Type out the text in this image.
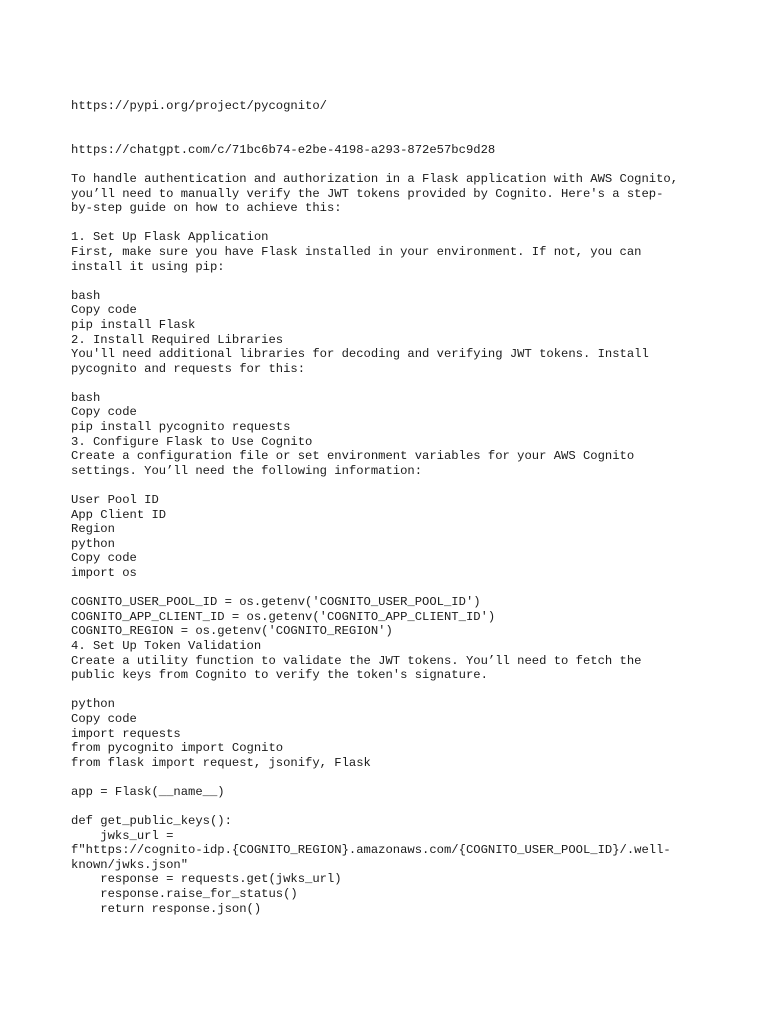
https://pypi.org/project/pycognito/
https://chatgpt.com/c/71bc6b74-e2be-4198-a293-872e57bc9d28
To handle authentication and authorization in a Flask application with AWS Cognito,
you’ll need to manually verify the JWT tokens provided by Cognito. Here's a step-
by-step guide on how to achieve this:
1. Set Up Flask Application
First, make sure you have Flask installed in your environment. If not, you can
install it using pip:
bash
Copy code
pip install Flask
2. Install Required Libraries
You'll need additional libraries for decoding and verifying JWT tokens. Install
pycognito and requests for this:
bash
Copy code
pip install pycognito requests
3. Configure Flask to Use Cognito
Create a configuration file or set environment variables for your AWS Cognito
settings. You’ll need the following information:
User Pool ID
App Client ID
Region
python
Copy code
import os
COGNITO_USER_POOL_ID = os.getenv('COGNITO_USER_POOL_ID')
COGNITO_APP_CLIENT_ID = os.getenv('COGNITO_APP_CLIENT_ID')
COGNITO_REGION = os.getenv('COGNITO_REGION')
4. Set Up Token Validation
Create a utility function to validate the JWT tokens. You’ll need to fetch the
public keys from Cognito to verify the token's signature.
python
Copy code
import requests
from pycognito import Cognito
from flask import request, jsonify, Flask
app = Flask(__name__)
def get_public_keys():
jwks_url =
f"https://cognito-idp.{COGNITO_REGION}.amazonaws.com/{COGNITO_USER_POOL_ID}/.well-
known/jwks.json"
response = requests.get(jwks_url)
response.raise_for_status()
return response.json()
